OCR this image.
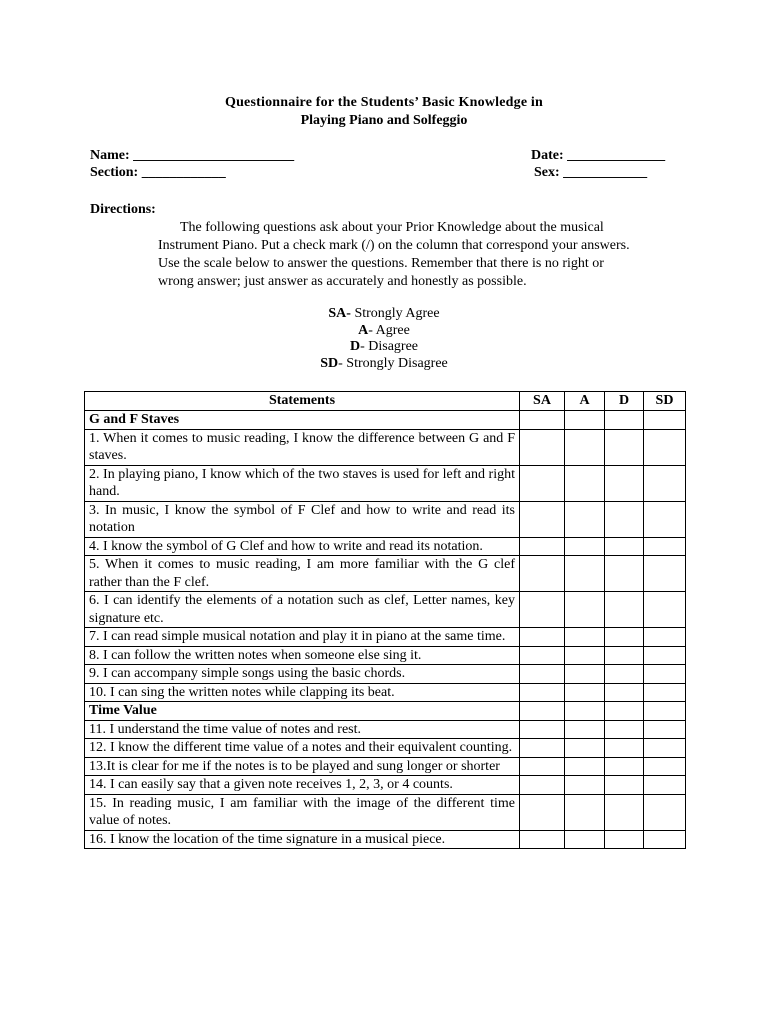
Questionnaire for the Students’ Basic Knowledge in
Playing Piano and Solfeggio
Name: _______________________
Section: ____________
Date: ______________
Sex: ____________
Directions:
The following questions ask about your Prior Knowledge about the musical
Instrument Piano. Put a check mark (/) on the column that correspond your answers.
Use the scale below to answer the questions. Remember that there is no right or
wrong answer; just answer as accurately and honestly as possible.
SA- Strongly Agree
A- Agree
D- Disagree
SD- Strongly Disagree
Statements	SA	A	D	SD
G and F Staves				
1. When it comes to music reading, I know the difference between G and F staves.				
2. In playing piano, I know which of the two staves is used for left and right hand.				
3. In music, I know the symbol of F Clef and how to write and read its notation				
4. I know the symbol of G Clef and how to write and read its notation.				
5. When it comes to music reading, I am more familiar with the G clef rather than the F clef.				
6. I can identify the elements of a notation such as clef, Letter names, key signature etc.				
7. I can read simple musical notation and play it in piano at the same time.				
8. I can follow the written notes when someone else sing it.				
9. I can accompany simple songs using the basic chords.				
10. I can sing the written notes while clapping its beat.				
Time Value				
11. I understand the time value of notes and rest.				
12. I know the different time value of a notes and their equivalent counting.				
13.It is clear for me if the notes is to be played and sung longer or shorter				
14. I can easily say that a given note receives 1, 2, 3, or 4 counts.				
15. In reading music, I am familiar with the image of the different time value of notes.				
16. I know the location of the time signature in a musical piece.				
